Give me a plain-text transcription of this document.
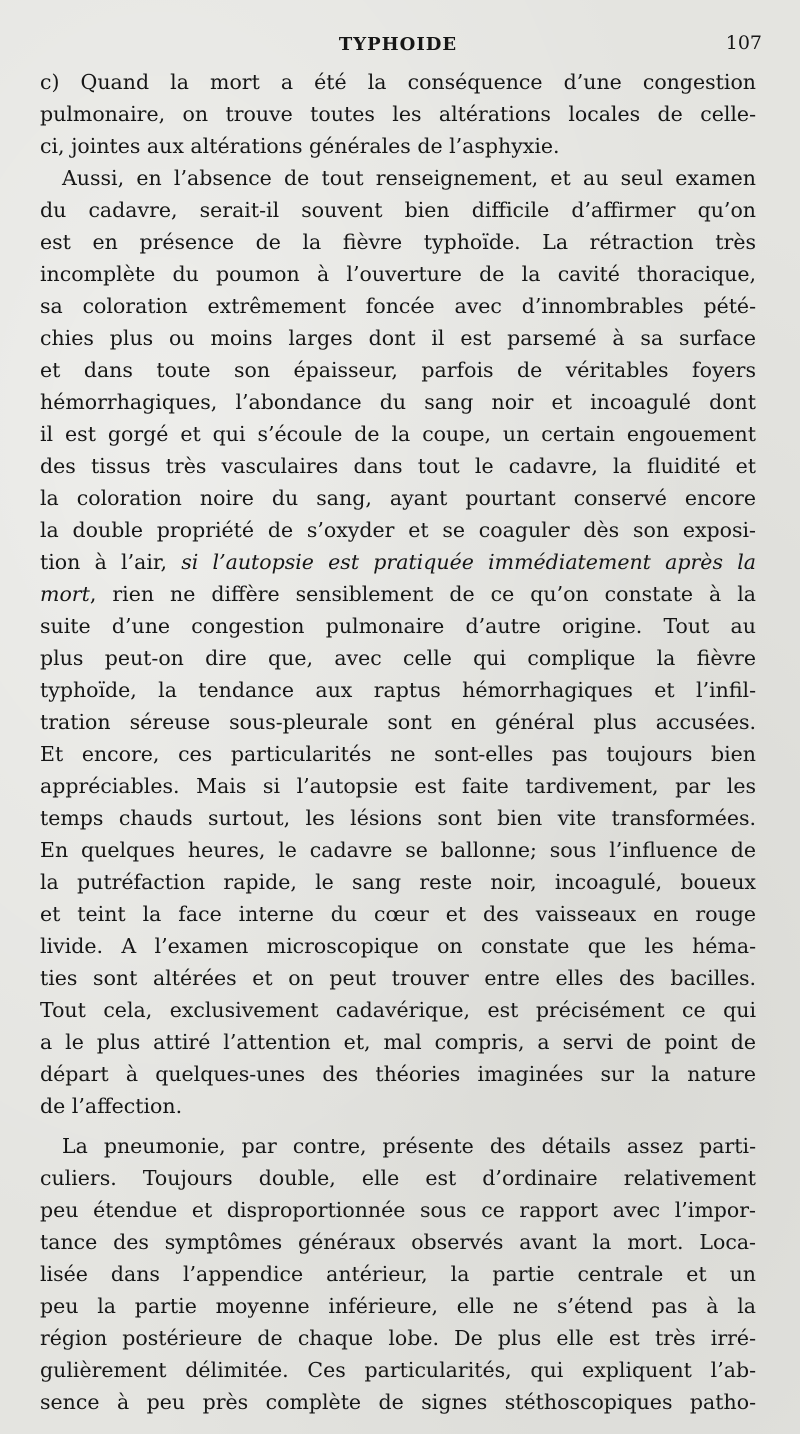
TYPHOIDE	107

c) Quand la mort a été la conséquence d’une congestion
pulmonaire, on trouve toutes les altérations locales de celle-
ci, jointes aux altérations générales de l’asphyxie.

Aussi, en l’absence de tout renseignement, et au seul examen
du cadavre, serait-il souvent bien difficile d’affirmer qu’on
est en présence de la fièvre typhoïde. La rétraction très
incomplète du poumon à l’ouverture de la cavité thoracique,
sa coloration extrêmement foncée avec d’innombrables pété-
chies plus ou moins larges dont il est parsemé à sa surface
et dans toute son épaisseur, parfois de véritables foyers
hémorrhagiques, l’abondance du sang noir et incoagulé dont
il est gorgé et qui s’écoule de la coupe, un certain engouement
des tissus très vasculaires dans tout le cadavre, la fluidité et
la coloration noire du sang, ayant pourtant conservé encore
la double propriété de s’oxyder et se coaguler dès son exposi-
tion à l’air, si l’autopsie est pratiquée immédiatement après la
mort, rien ne diffère sensiblement de ce qu’on constate à la
suite d’une congestion pulmonaire d’autre origine. Tout au
plus peut-on dire que, avec celle qui complique la fièvre
typhoïde, la tendance aux raptus hémorrhagiques et l’infil-
tration séreuse sous-pleurale sont en général plus accusées.
Et encore, ces particularités ne sont-elles pas toujours bien
appréciables. Mais si l’autopsie est faite tardivement, par les
temps chauds surtout, les lésions sont bien vite transformées.
En quelques heures, le cadavre se ballonne; sous l’influence de
la putréfaction rapide, le sang reste noir, incoagulé, boueux
et teint la face interne du cœur et des vaisseaux en rouge
livide. A l’examen microscopique on constate que les héma-
ties sont altérées et on peut trouver entre elles des bacilles.
Tout cela, exclusivement cadavérique, est précisément ce qui
a le plus attiré l’attention et, mal compris, a servi de point de
départ à quelques-unes des théories imaginées sur la nature
de l’affection.

La pneumonie, par contre, présente des détails assez parti-
culiers. Toujours double, elle est d’ordinaire relativement
peu étendue et disproportionnée sous ce rapport avec l’impor-
tance des symptômes généraux observés avant la mort. Loca-
lisée dans l’appendice antérieur, la partie centrale et un
peu la partie moyenne inférieure, elle ne s’étend pas à la
région postérieure de chaque lobe. De plus elle est très irré-
gulièrement délimitée. Ces particularités, qui expliquent l’ab-
sence à peu près complète de signes stéthoscopiques patho-
